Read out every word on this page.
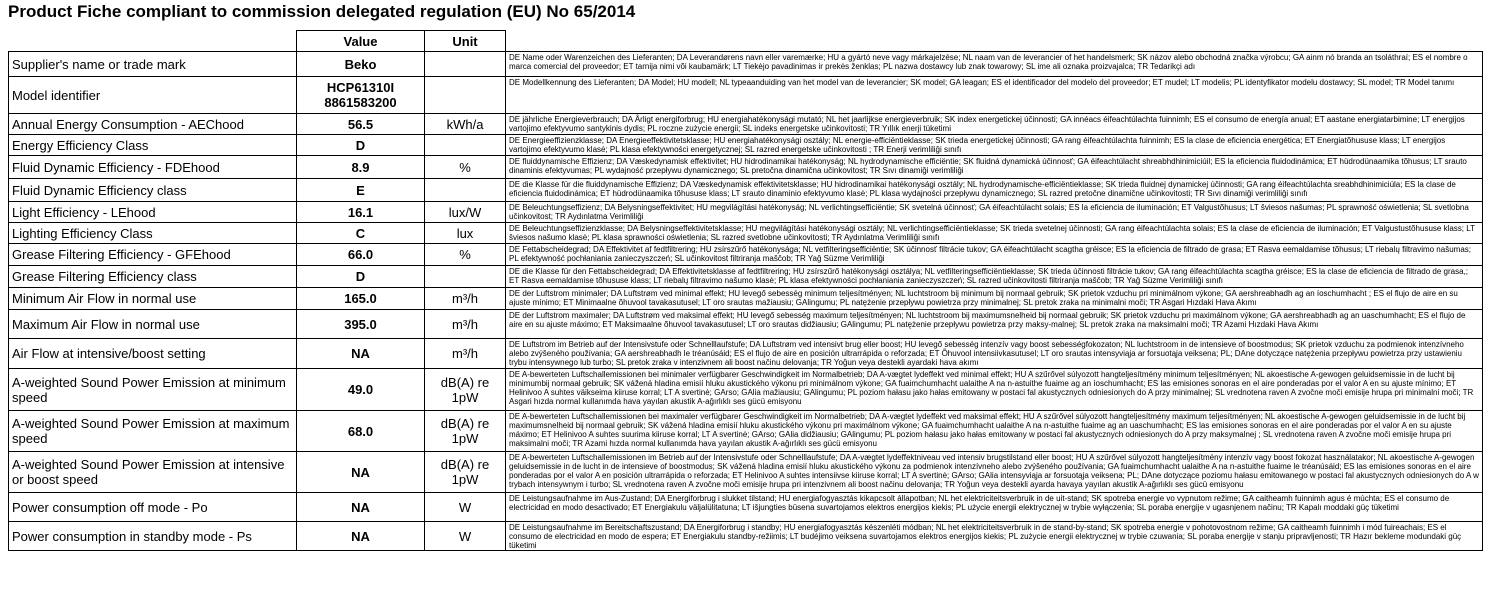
Product Fiche compliant to commission delegated regulation (EU) No 65/2014
Value	Unit
Supplier's name or trade mark	Beko		DE Name oder Warenzeichen des Lieferanten; DA Leverandørens navn eller varemærke; HU a gyártó neve vagy márkajelzése; NL naam van de leverancier of het handelsmerk; SK názov alebo obchodná značka výrobcu; GA ainm nó branda an tsoláthraí; ES el nombre o marca comercial del proveedor; ET tarnija nimi või kaubamärk; LT Tiekėjo pavadinimas ir prekės ženklas; PL nazwa dostawcy lub znak towarowy; SL ime ali oznaka proizvajalca; TR Tedarikçi adı
Model identifier	HCP61310I 8861583200		DE Modellkennung des Lieferanten; DA Model; HU modell; NL typeaanduiding van het model van de leverancier; SK model; GA leagan; ES el identificador del modelo del proveedor; ET mudel; LT modelis; PL identyfikator modelu dostawcy; SL model; TR Model tanımı
Annual Energy Consumption - AEChood	56.5	kWh/a	DE jährliche Energieverbrauch; DA Årligt energiforbrug; HU energiahatékonysági mutató; NL het jaarlijkse energieverbruik; SK index energetickej účinnosti; GA innéacs éifeachtúlachta fuinnimh; ES el consumo de energía anual; ET aastane energiatarbimine; LT energijos vartojimo efektyvumo santykinis dydis; PL roczne zużycie energii; SL indeks energetske učinkovitosti; TR Yıllık enerji tüketimi
Energy Efficiency Class	D		DE Energieeffizienzklasse; DA Energieeffektivitetsklasse; HU energiahatékonysági osztály; NL energie-efficiëntieklasse; SK trieda energetickej účinnosti; GA rang éifeachtúlachta fuinnimh; ES la clase de eficiencia energética; ET Energiatõhususe klass; LT energijos vartojimo efektyvumo klasė; PL klasa efektywności energetycznej; SL razred energetske učinkovitosti ; TR Enerji verimliliği sınıfı
Fluid Dynamic Efficiency - FDEhood	8.9	%	DE fluiddynamische Effizienz; DA Væskedynamisk effektivitet; HU hidrodinamikai hatékonyság; NL hydrodynamische efficiëntie; SK fluidná dynamická účinnosť; GA éifeachtúlacht shreabhdhinimiciúil; ES la eficiencia fluidodinámica; ET hüdrodünaamika tõhusus; LT srauto dinaminis efektyvumas; PL wydajność przepływu dynamicznego; SL pretočna dinamična učinkovitost; TR Sıvı dinamiği verimliliği
Fluid Dynamic Efficiency class	E		DE die Klasse für die fluiddynamische Effizienz; DA Væskedynamisk effektivitetsklasse; HU hidrodinamikai hatékonysági osztály; NL hydrodynamische-efficiëntieklasse; SK trieda fluidnej dynamickej účinnosti; GA rang éifeachtúlachta sreabhdhinimiciúla; ES la clase de eficiencia fluidodinámica; ET hüdrodünaamika tõhususe klass; LT srauto dinaminio efektyvumo klasė; PL klasa wydajności przepływu dynamicznego; SL razred pretočne dinamične učinkovitosti; TR Sıvı dinamiği verimliliği sınıfı
Light Efficiency - LEhood	16.1	lux/W	DE Beleuchtungseffizienz; DA Belysningseffektivitet; HU megvilágítási hatékonyság; NL verlichtingsefficiëntie; SK svetelná účinnosť; GA éifeachtúlacht solais; ES la eficiencia de iluminación; ET Valgustõhusus; LT šviesos našumas; PL sprawność oświetlenia; SL svetlobna učinkovitost; TR Aydınlatma Verimliliği
Lighting Efficiency Class	C	lux	DE Beleuchtungseffizienzklasse; DA Belysningseffektivitetsklasse; HU megvilágítási hatékonysági osztály; NL verlichtingsefficiëntieklasse; SK trieda svetelnej účinnosti; GA rang éifeachtúlachta solais; ES la clase de eficiencia de iluminación; ET Valgustustõhususe klass; LT šviesos našumo klasė; PL klasa sprawności oświetlenia; SL razred svetlobne učinkovitosti; TR Aydınlatma Verimliliği sınıfı
Grease Filtering Efficiency - GFEhood	66.0	%	DE Fettabscheidegrad; DA Effektivitet af fedtfiltrering; HU zsírszűrő hatékonysága; NL vetfilteringsefficiëntie; SK účinnosť filtrácie tukov; GA éifeachtúlacht scagtha gréisce; ES la eficiencia de filtrado de grasa; ET Rasva eemaldamise tõhusus; LT riebalų filtravimo našumas; PL efektywność pochłaniania zanieczyszczeń; SL učinkovitost filtriranja maščob; TR Yağ Süzme Verimliliği
Grease Filtering Efficiency class	D		DE die Klasse für den Fettabscheidegrad; DA Effektivitetsklasse af fedtfiltrering; HU zsírszűrő hatékonysági osztálya; NL vetfilteringsefficiëntieklasse; SK trieda účinnosti filtrácie tukov; GA rang éifeachtúlachta scagtha gréisce; ES la clase de eficiencia de filtrado de grasa,; ET Rasva eemaldamise tõhususe klass; LT riebalų filtravimo našumo klasė; PL klasa efektywności pochłaniania zanieczyszczeń; SL razred učinkovitosti filtriranja maščob; TR Yağ Süzme Verimliliği sınıfı
Minimum Air Flow in normal use	165.0	m³/h	DE der Luftstrom minimaler; DA Luftstrøm ved minimal effekt; HU levegő sebesség minimum teljesítményen; NL luchtstroom bij minimum bij normaal gebruik; SK prietok vzduchu pri minimálnom výkone; GA aershreabhadh ag an íoschumhacht ; ES el flujo de aire en su ajuste mínimo; ET Minimaalne õhuvool tavakasutusel; LT oro srautas mažiausiu; GAlingumu; PL natężenie przepływu powietrza przy minimalnej; SL pretok zraka na minimalni moči; TR Asgari Hızdaki Hava Akımı
Maximum Air Flow in normal use	395.0	m³/h	DE der Luftstrom maximaler; DA Luftstrøm ved maksimal effekt; HU levegő sebesség maximum teljesítményen; NL luchtstroom bij maximumsnelheid bij normaal gebruik; SK prietok vzduchu pri maximálnom výkone; GA aershreabhadh ag an uaschumhacht; ES el flujo de aire en su ajuste máximo; ET Maksimaalne õhuvool tavakasutusel; LT oro srautas didžiausiu; GAlingumu; PL natężenie przepływu powietrza przy maksy-malnej; SL pretok zraka na maksimalni moči; TR Azami Hızdaki Hava Akımı
Air Flow at intensive/boost setting	NA	m³/h	DE Luftstrom im Betrieb auf der Intensivstufe oder Schnelllaufstufe; DA Luftstrøm ved intensivt brug eller boost; HU levegő sebesség intenzív vagy boost sebességfokozaton; NL luchtstroom in de intensieve of boostmodus; SK prietok vzduchu za podmienok intenzívneho alebo zvýšeného používania; GA aershreabhadh le tréanúsáid; ES el flujo de aire en posición ultrarrápida o reforzada; ET Õhuvool intensiivkasutusel; LT oro srautas intensyviąja ar forsuotąja veiksena; PL; DAne dotyczące natężenia przepływu powietrza przy ustawieniu trybu intensywnego lub turbo; SL pretok zraka v intenzivnem ali boost načinu delovanja; TR Yoğun veya destekli ayardaki hava akımı
A-weighted Sound Power Emission at minimum speed	49.0	dB(A) re 1pW	DE A-bewerteten Luftschallemissionen bei minimaler verfügbarer Geschwindigkeit im Normalbetrieb; DA A-vægtet lydeffekt ved minimal effekt; HU A szűrővel súlyozott hangteljesítmény minimum teljesítményen; NL akoestische A-gewogen geluidsemissie in de lucht bij minimumbij normaal gebruik; SK vážená hladina emisií hluku akustického výkonu pri minimálnom výkone; GA fuaimchumhacht ualaithe A na n-astuithe fuaime ag an íoschumhacht; ES las emisiones sonoras en el aire ponderadas por el valor A en su ajuste mínimo; ET Helinivoo A suhtes väikseima kiiruse korral; LT A svertinė; GArso; GAlia mažiausiu; GAlingumu; PL poziom hałasu jako hałas emitowany w postaci fal akustycznych odniesionych do A przy minimalnej; SL vrednotena raven A zvočne moči emisije hrupa pri minimalni moči; TR Asgari hızda normal kullanımda hava yayılan akustik A-ağırlıklı ses gücü emisyonu
A-weighted Sound Power Emission at maximum speed	68.0	dB(A) re 1pW	DE A-bewerteten Luftschallemissionen bei maximaler verfügbarer Geschwindigkeit im Normalbetrieb; DA A-vægtet lydeffekt ved maksimal effekt; HU A szűrővel súlyozott hangteljesítmény maximum teljesítményen; NL akoestische A-gewogen geluidsemissie in de lucht bij maximumsnelheid bij normaal gebruik; SK vážená hladina emisií hluku akustického výkonu pri maximálnom výkone; GA fuaimchumhacht ualaithe A na n-astuithe fuaime ag an uaschumhacht; ES las emisiones sonoras en el aire ponderadas por el valor A en su ajuste máximo; ET Helinivoo A suhtes suurima kiiruse korral; LT A svertinė; GArso; GAlia didžiausiu; GAlingumu; PL poziom hałasu jako hałas emitowany w postaci fal akustycznych odniesionych do A przy maksymalnej ; SL vrednotena raven A zvočne moči emisije hrupa pri maksimalni moči; TR Azami hızda normal kullanımda hava yayılan akustik A-ağırlıklı ses gücü emisyonu
A-weighted Sound Power Emission at intensive or boost speed	NA	dB(A) re 1pW	DE A-bewerteten Luftschallemissionen im Betrieb auf der Intensivstufe oder Schnelllaufstufe; DA A-vægtet lydeffektniveau ved intensiv brugstilstand eller boost; HU A szűrővel súlyozott hangteljesítmény intenzív vagy boost fokozat használatakor; NL akoestische A-gewogen geluidsemissie in de lucht in de intensieve of boostmodus; SK vážená hladina emisií hluku akustického výkonu za podmienok intenzívneho alebo zvýšeného používania; GA fuaimchumhacht ualaithe A na n-astuithe fuaime le tréanúsáid; ES las emisiones sonoras en el aire ponderadas por el valor A en posición ultrarrápida o reforzada; ET Helinivoo A suhtes intensiivse kiiruse korral; LT A svertinė; GArso; GAlia intensyviąja ar forsuotąja veiksena; PL; DAne dotyczące poziomu hałasu emitowanego w postaci fal akustycznych odniesionych do A w trybach intensywnym i turbo; SL vrednotena raven A zvočne moči emisije hrupa pri intenzivnem ali boost načinu delovanja; TR Yoğun veya destekli ayarda havaya yayılan akustik A-ağırlıklı ses gücü emisyonu
Power consumption off mode - Po	NA	W	DE Leistungsaufnahme im Aus-Zustand; DA Energiforbrug i slukket tilstand; HU energiafogyasztás kikapcsolt állapotban; NL het elektriciteitsverbruik in de uit-stand; SK spotreba energie vo vypnutom režime; GA caitheamh fuinnimh agus é múchta; ES el consumo de electricidad en modo desactivado; ET Energiakulu väljalülitatuna; LT išjungties būsena suvartojamos elektros energijos kiekis; PL użycie energii elektrycznej w trybie wyłączenia; SL poraba energije v ugasnjenem načinu; TR Kapalı moddaki güç tüketimi
Power consumption in standby mode - Ps	NA	W	DE Leistungsaufnahme im Bereitschaftszustand; DA Energiforbrug i standby; HU energiafogyasztás készenléti módban; NL het elektriciteitsverbruik in de stand-by-stand; SK spotreba energie v pohotovostnom režime; GA caitheamh fuinnimh i mód fuireachais; ES el consumo de electricidad en modo de espera; ET Energiakulu standby-režiimis; LT budėjimo veiksena suvartojamos elektros energijos kiekis; PL zużycie energii elektrycznej w trybie czuwania; SL poraba energije v stanju pripravljenosti; TR Hazır bekleme modundaki güç tüketimi
